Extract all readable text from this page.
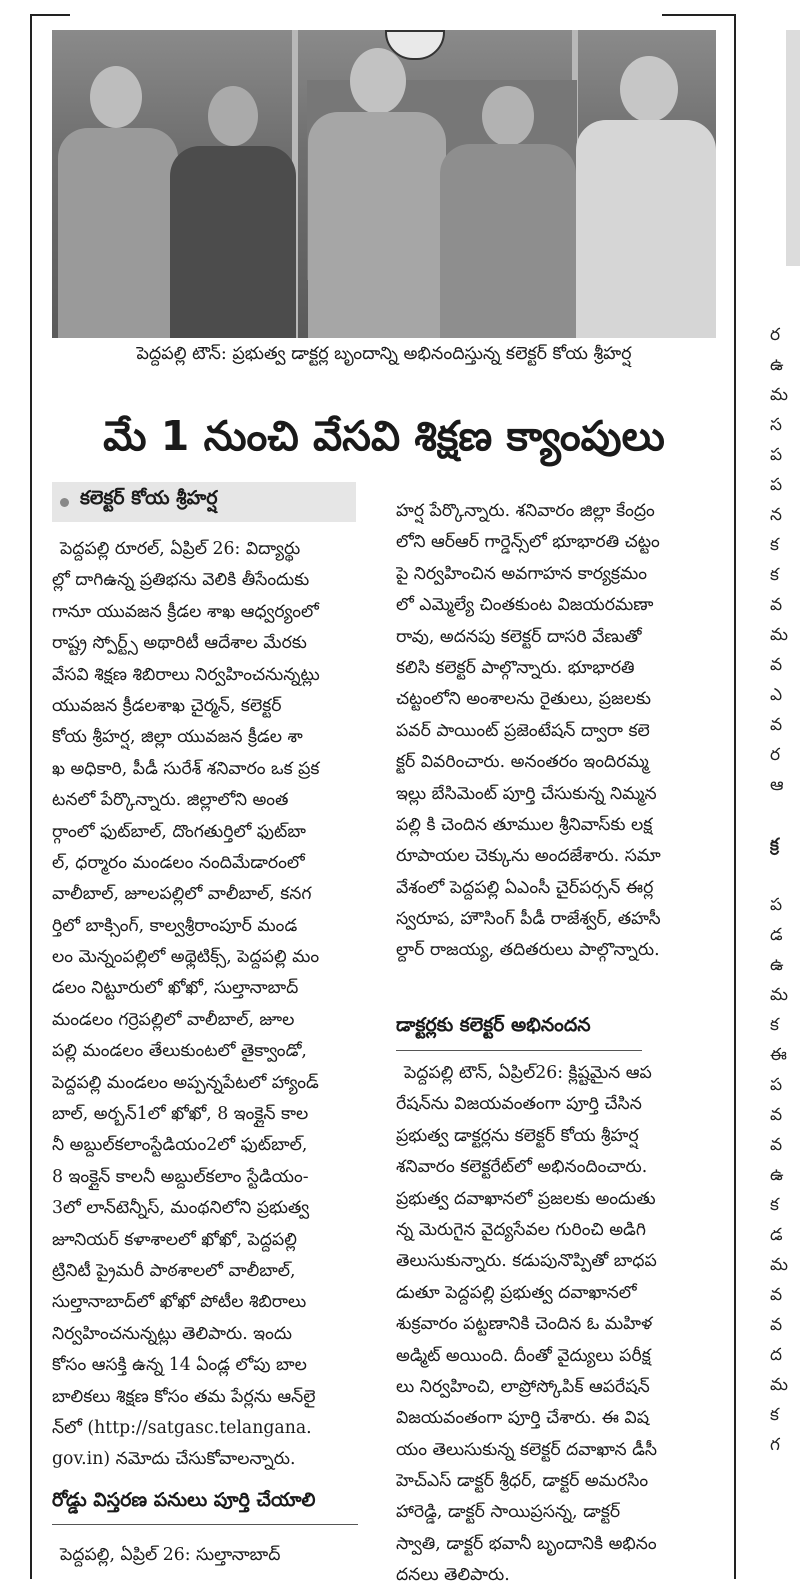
పెద్దపల్లి టౌన్: ప్రభుత్వ డాక్టర్ల బృందాన్ని అభినందిస్తున్న కలెక్టర్ కోయ శ్రీహర్ష
మే 1 నుంచి వేసవి శిక్షణ క్యాంపులు
కలెక్టర్ కోయ శ్రీహర్ష
పెద్దపల్లి రూరల్, ఏప్రిల్ 26: విద్యార్థు
ల్లో దాగిఉన్న ప్రతిభను వెలికి తీసేందుకు
గానూ యువజన క్రీడల శాఖ ఆధ్వర్యంలో
రాష్ట్ర స్పోర్ట్స్ అథారిటీ ఆదేశాల మేరకు
వేసవి శిక్షణ శిబిరాలు నిర్వహించనున్నట్లు
యువజన క్రీడలశాఖ చైర్మన్, కలెక్టర్
కోయ శ్రీహర్ష, జిల్లా యువజన క్రీడల శా
ఖ అధికారి, పీడీ సురేశ్ శనివారం ఒక ప్రక
టనలో పేర్కొన్నారు. జిల్లాలోని అంత
ర్గాంలో ఫుట్‌బాల్, దొంగతుర్తిలో ఫుట్‌బా
ల్, ధర్మారం మండలం నందిమేడారంలో
వాలీబాల్, జూలపల్లిలో వాలీబాల్, కనగ
ర్తిలో బాక్సింగ్, కాల్వశ్రీరాంపూర్ మండ
లం మెన్నంపల్లిలో అథ్లెటిక్స్, పెద్దపల్లి మం
డలం నిట్టూరులో ఖోఖో, సుల్తానాబాద్
మండలం గర్రెపల్లిలో వాలీబాల్, జూల
పల్లి మండలం తేలుకుంటలో తైక్వాండో,
పెద్దపల్లి మండలం అప్పన్నపేటలో హ్యాండ్
బాల్, అర్బన్1లో ఖోఖో, 8 ఇంక్లైన్ కాల
నీ అబ్దుల్‌కలాంస్టేడియం2లో ఫుట్‌బాల్,
8 ఇంక్లైన్ కాలనీ అబ్దుల్‌కలాం స్టేడియం-
3లో లాన్‌టెన్నీస్, మంథనిలోని ప్రభుత్వ
జూనియర్ కళాశాలలో ఖోఖో, పెద్దపల్లి
ట్రినిటీ ప్రైమరీ పాఠశాలలో వాలీబాల్,
సుల్తానాబాద్‌లో ఖోఖో పోటీల శిబిరాలు
నిర్వహించనున్నట్లు తెలిపారు. ఇందు
కోసం ఆసక్తి ఉన్న 14 ఏండ్ల లోపు బాల
బాలికలు శిక్షణ కోసం తమ పేర్లను ఆన్‌లై
న్‌లో (http://satgasc.telangana.
gov.in) నమోదు చేసుకోవాలన్నారు.
రోడ్డు విస్తరణ పనులు పూర్తి చేయాలి
పెద్దపల్లి, ఏప్రిల్ 26: సుల్తానాబాద్
హర్ష పేర్కొన్నారు. శనివారం జిల్లా కేంద్రం
లోని ఆర్‌ఆర్ గార్డెన్స్‌లో భూభారతి చట్టం
పై నిర్వహించిన అవగాహన కార్యక్రమం
లో ఎమ్మెల్యే చింతకుంట విజయరమణా
రావు, అదనపు కలెక్టర్ దాసరి వేణుతో
కలిసి కలెక్టర్ పాల్గొన్నారు. భూభారతి
చట్టంలోని అంశాలను రైతులు, ప్రజలకు
పవర్ పాయింట్ ప్రజెంటేషన్ ద్వారా కలె
క్టర్ వివరించారు. అనంతరం ఇందిరమ్మ
ఇల్లు బేసిమెంట్ పూర్తి చేసుకున్న నిమ్మన
పల్లి కి చెందిన తూముల శ్రీనివాస్‌కు లక్ష
రూపాయల చెక్కును అందజేశారు. సమా
వేశంలో పెద్దపల్లి ఏఎంసీ చైర్‌పర్సన్ ఈర్ల
స్వరూప, హౌసింగ్ పీడీ రాజేశ్వర్, తహసీ
ల్దార్ రాజయ్య, తదితరులు పాల్గొన్నారు.
డాక్టర్లకు కలెక్టర్ అభినందన
పెద్దపల్లి టౌన్, ఏప్రిల్26: క్లిష్టమైన ఆప
రేషన్‌ను విజయవంతంగా పూర్తి చేసిన
ప్రభుత్వ డాక్టర్లను కలెక్టర్ కోయ శ్రీహర్ష
శనివారం కలెక్టరేట్‌లో అభినందించారు.
ప్రభుత్వ దవాఖానలో ప్రజలకు అందుతు
న్న మెరుగైన వైద్యసేవల గురించి అడిగి
తెలుసుకున్నారు. కడుపునొప్పితో బాధప
డుతూ పెద్దపల్లి ప్రభుత్వ దవాఖానలో
శుక్రవారం పట్టణానికి చెందిన ఓ మహిళ
అడ్మిట్ అయింది. దీంతో వైద్యులు పరీక్ష
లు నిర్వహించి, లాప్రోస్కోపిక్ ఆపరేషన్
విజయవంతంగా పూర్తి చేశారు. ఈ విష
యం తెలుసుకున్న కలెక్టర్ దవాఖాన డీసీ
హెచ్ఎస్ డాక్టర్ శ్రీధర్, డాక్టర్ అమరసిం
హారెడ్డి, డాక్టర్ సాయిప్రసన్న, డాక్టర్
స్వాతి, డాక్టర్ భవానీ బృందానికి అభినం
దనలు తెలిపారు.
ర
ఉ
మ
స
ప
ప
న
క
క
వ
మ
వ
ఎ
వ
ర
ఆ
క్ర
ప
డ
ఉ
మ
క
ఈ
ప
వ
వ
ఉ
క
డ
మ
వ
వ
ద
మ
క
గ
